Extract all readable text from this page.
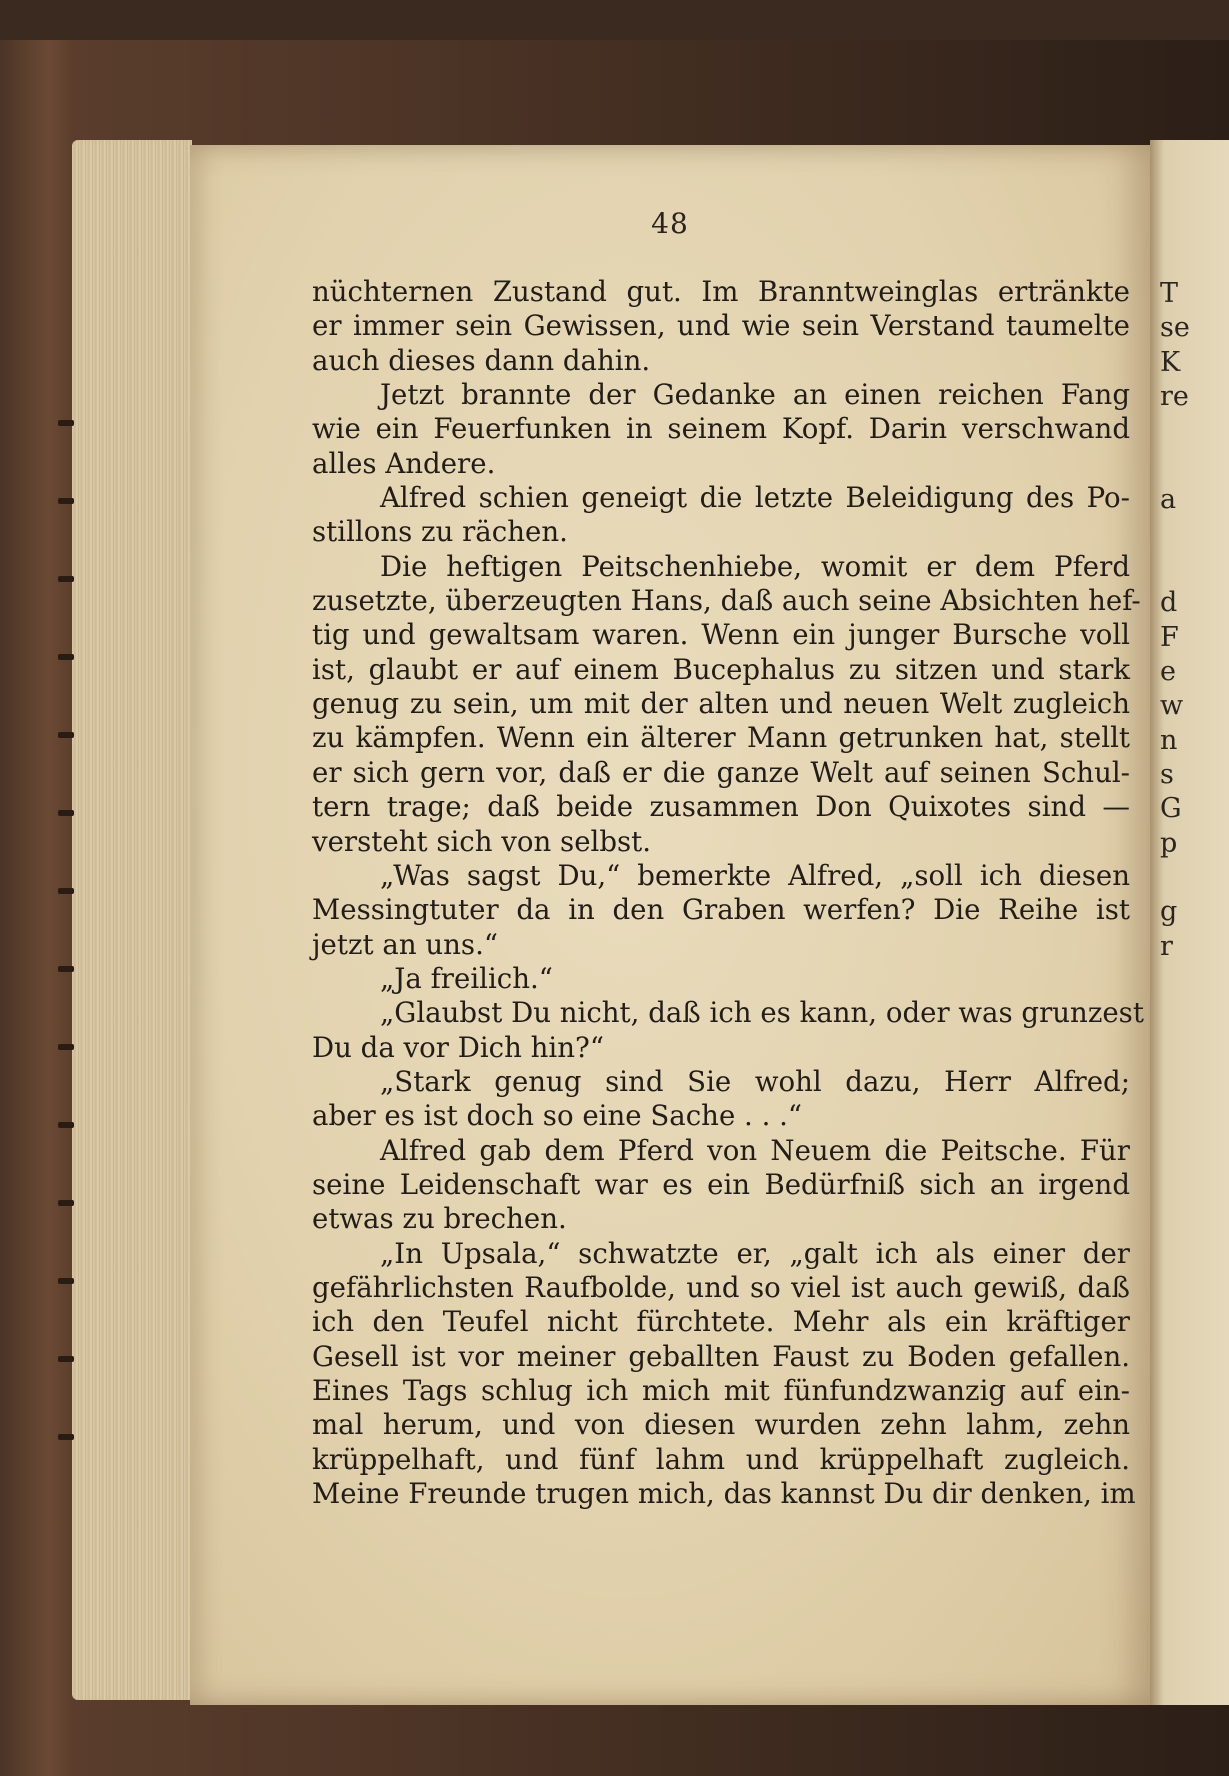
48
nüchternen Zustand gut. Im Branntweinglas ertränkte
er immer sein Gewissen, und wie sein Verstand taumelte
auch dieses dann dahin.
Jetzt brannte der Gedanke an einen reichen Fang
wie ein Feuerfunken in seinem Kopf. Darin verschwand
alles Andere.
Alfred schien geneigt die letzte Beleidigung des Po-
stillons zu rächen.
Die heftigen Peitschenhiebe, womit er dem Pferd
zusetzte, überzeugten Hans, daß auch seine Absichten hef-
tig und gewaltsam waren. Wenn ein junger Bursche voll
ist, glaubt er auf einem Bucephalus zu sitzen und stark
genug zu sein, um mit der alten und neuen Welt zugleich
zu kämpfen. Wenn ein älterer Mann getrunken hat, stellt
er sich gern vor, daß er die ganze Welt auf seinen Schul-
tern trage; daß beide zusammen Don Quixotes sind —
versteht sich von selbst.
„Was sagst Du,“ bemerkte Alfred, „soll ich diesen
Messingtuter da in den Graben werfen? Die Reihe ist
jetzt an uns.“
„Ja freilich.“
„Glaubst Du nicht, daß ich es kann, oder was grunzest
Du da vor Dich hin?“
„Stark genug sind Sie wohl dazu, Herr Alfred;
aber es ist doch so eine Sache . . .“
Alfred gab dem Pferd von Neuem die Peitsche. Für
seine Leidenschaft war es ein Bedürfniß sich an irgend
etwas zu brechen.
„In Upsala,“ schwatzte er, „galt ich als einer der
gefährlichsten Raufbolde, und so viel ist auch gewiß, daß
ich den Teufel nicht fürchtete. Mehr als ein kräftiger
Gesell ist vor meiner geballten Faust zu Boden gefallen.
Eines Tags schlug ich mich mit fünfundzwanzig auf ein-
mal herum, und von diesen wurden zehn lahm, zehn
krüppelhaft, und fünf lahm und krüppelhaft zugleich.
Meine Freunde trugen mich, das kannst Du dir denken, im
T
se
K
re
a
d
F
e
w
n
s
G
p
g
r
